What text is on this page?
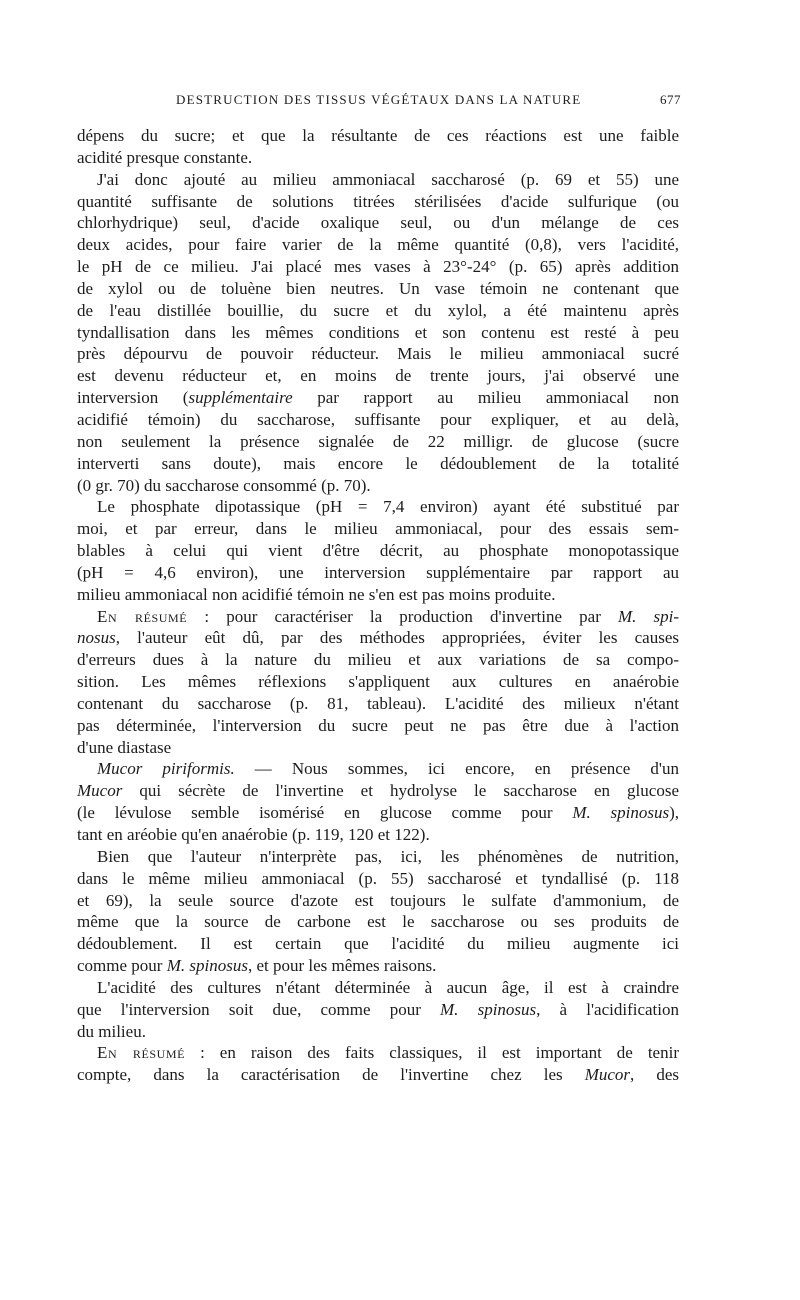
DESTRUCTION DES TISSUS VÉGÉTAUX DANS LA NATURE	677
dépens du sucre; et que la résultante de ces réactions est une faible
acidité presque constante.
J'ai donc ajouté au milieu ammoniacal saccharosé (p. 69 et 55) une
quantité suffisante de solutions titrées stérilisées d'acide sulfurique (ou
chlorhydrique) seul, d'acide oxalique seul, ou d'un mélange de ces
deux acides, pour faire varier de la même quantité (0,8), vers l'acidité,
le pH de ce milieu. J'ai placé mes vases à 23°-24° (p. 65) après addition
de xylol ou de toluène bien neutres. Un vase témoin ne contenant que
de l'eau distillée bouillie, du sucre et du xylol, a été maintenu après
tyndallisation dans les mêmes conditions et son contenu est resté à peu
près dépourvu de pouvoir réducteur. Mais le milieu ammoniacal sucré
est devenu réducteur et, en moins de trente jours, j'ai observé une
interversion (supplémentaire par rapport au milieu ammoniacal non
acidifié témoin) du saccharose, suffisante pour expliquer, et au delà,
non seulement la présence signalée de 22 milligr. de glucose (sucre
interverti sans doute), mais encore le dédoublement de la totalité
(0 gr. 70) du saccharose consommé (p. 70).
Le phosphate dipotassique (pH = 7,4 environ) ayant été substitué par
moi, et par erreur, dans le milieu ammoniacal, pour des essais sem-
blables à celui qui vient d'être décrit, au phosphate monopotassique
(pH = 4,6 environ), une interversion supplémentaire par rapport au
milieu ammoniacal non acidifié témoin ne s'en est pas moins produite.
En résumé : pour caractériser la production d'invertine par M. spi-
nosus, l'auteur eût dû, par des méthodes appropriées, éviter les causes
d'erreurs dues à la nature du milieu et aux variations de sa compo-
sition. Les mêmes réflexions s'appliquent aux cultures en anaérobie
contenant du saccharose (p. 81, tableau). L'acidité des milieux n'étant
pas déterminée, l'interversion du sucre peut ne pas être due à l'action
d'une diastase
Mucor piriformis. — Nous sommes, ici encore, en présence d'un
Mucor qui sécrète de l'invertine et hydrolyse le saccharose en glucose
(le lévulose semble isomérisé en glucose comme pour M. spinosus),
tant en aréobie qu'en anaérobie (p. 119, 120 et 122).
Bien que l'auteur n'interprète pas, ici, les phénomènes de nutrition,
dans le même milieu ammoniacal (p. 55) saccharosé et tyndallisé (p. 118
et 69), la seule source d'azote est toujours le sulfate d'ammonium, de
même que la source de carbone est le saccharose ou ses produits de
dédoublement. Il est certain que l'acidité du milieu augmente ici
comme pour M. spinosus, et pour les mêmes raisons.
L'acidité des cultures n'étant déterminée à aucun âge, il est à craindre
que l'interversion soit due, comme pour M. spinosus, à l'acidification
du milieu.
En résumé : en raison des faits classiques, il est important de tenir
compte, dans la caractérisation de l'invertine chez les Mucor, des
